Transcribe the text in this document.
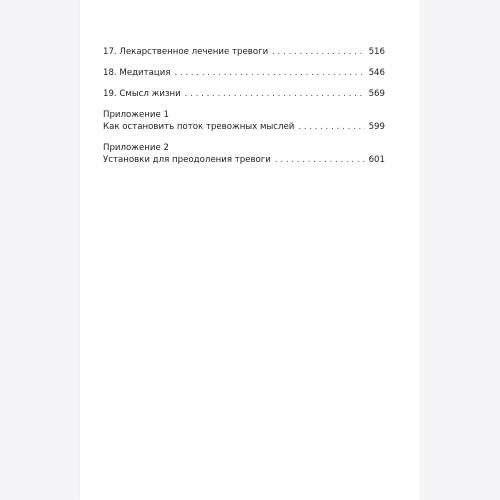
17. Лекарственное лечение тревоги . . .	516
18. Медитация . . .	546
19. Смысл жизни . . .	569
Приложение 1
Как остановить поток тревожных мыслей . . .	599
Приложение 2
Установки для преодоления тревоги . . .	601
